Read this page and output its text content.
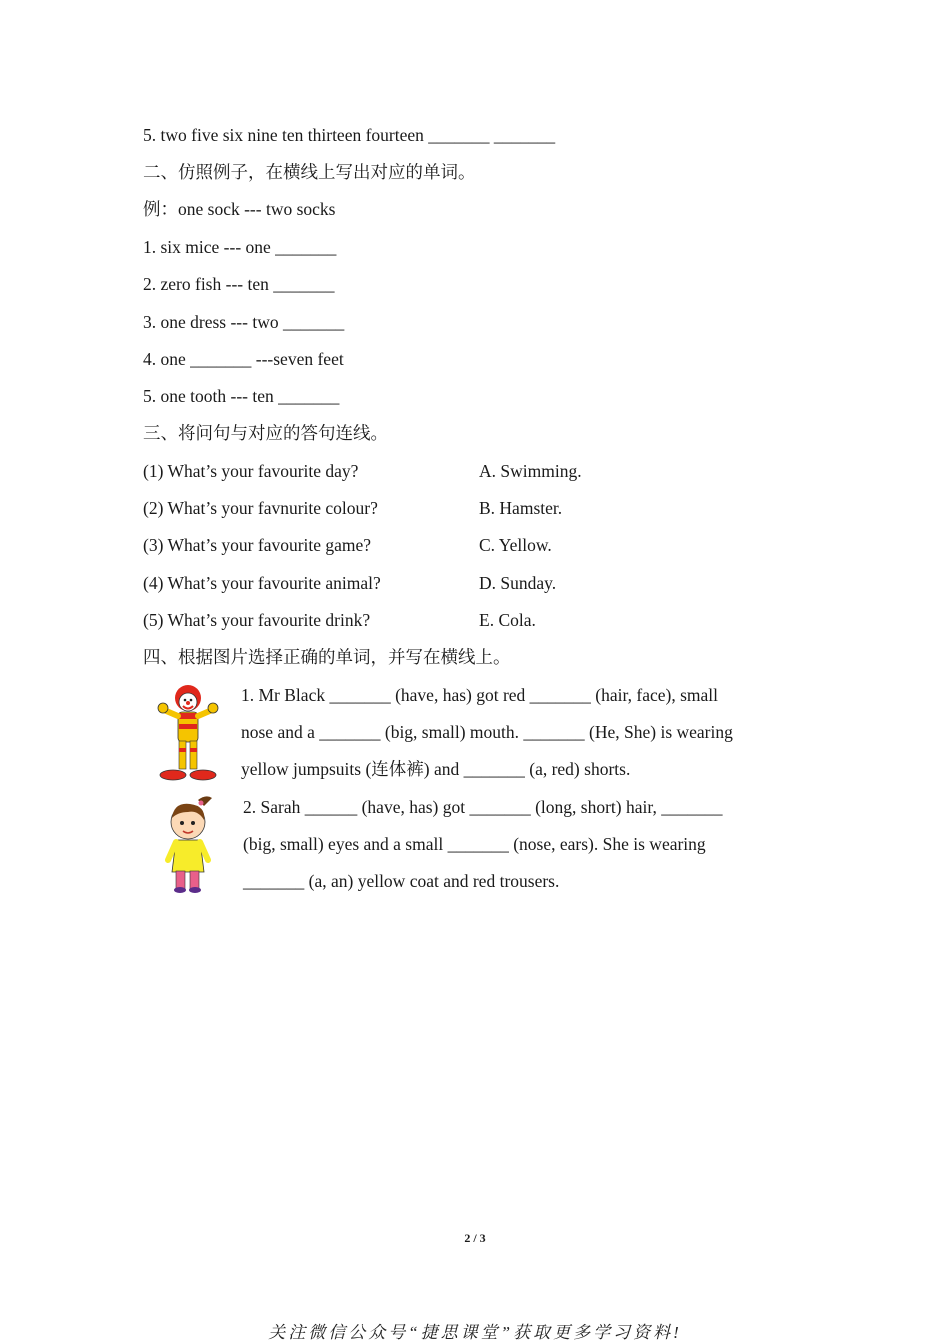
5. two five six nine ten thirteen fourteen _______ _______
二、仿照例子，在横线上写出对应的单词。
例：one sock --- two socks
1. six mice --- one _______
2. zero fish --- ten _______
3. one dress --- two _______
4. one _______ ---seven feet
5. one tooth --- ten _______
三、将问句与对应的答句连线。
(1) What’s your favourite day?	A. Swimming.
(2) What’s your favnurite colour?	B. Hamster.
(3) What’s your favourite game?	C. Yellow.
(4) What’s your favourite animal?	D. Sunday.
(5) What’s your favourite drink?	E. Cola.
四、根据图片选择正确的单词，并写在横线上。
1. Mr Black _______ (have, has) got red _______ (hair, face), small
nose and a _______ (big, small) mouth. _______ (He, She) is wearing
yellow jumpsuits (连体裤) and _______ (a, red) shorts.
2. Sarah ______ (have, has) got _______ (long, short) hair, _______
(big, small) eyes and a small _______ (nose, ears). She is wearing
_______ (a, an) yellow coat and red trousers.
2 / 3
关注微信公众号“捷思课堂”获取更多学习资料!
